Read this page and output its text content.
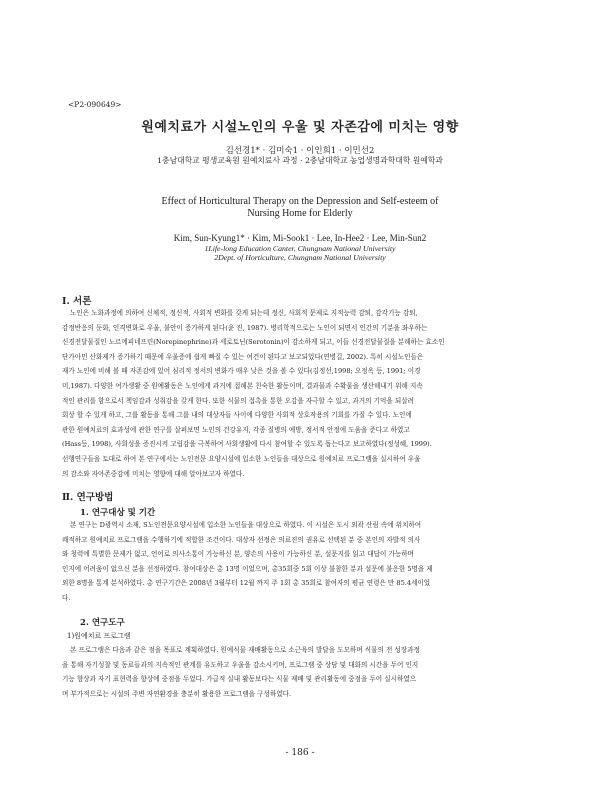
<P2-090649>
원예치료가 시설노인의 우울 및 자존감에 미치는 영향
김선경1* · 김미숙1 · 이인희1 · 이민선2
1충남대학교 평생교육원 원예치료사 과정 · 2충남대학교 농업생명과학대학 원예학과
Effect of Horticultural Therapy on the Depression and Self-esteem of
Nursing Home for Elderly
Kim, Sun-Kyung1* · Kim, Mi-Sook1 · Lee, In-Hee2 · Lee, Min-Sun2
1Life-long Education Canter, Chungnam National University
2Dept. of Horticulture, Chungnam National University
Ⅰ. 서론
노인은 노화과정에 의하여 신체적, 정신적, 사회적 변화를 갖게 되는데 정신, 사회적 문제로 지적능력 감퇴, 감각기능 감퇴,
감정반응의 둔화, 인격변화로 우울, 불안이 증가하게 된다(윤 진, 1987). 병리학적으로는 노인이 되면서 인간의 기분을 좌우하는
신경전달물질인 노르에피네프린(Norepinephrine)과 세로토닌(Serotonin)이 감소하게 되고, 이들 신경전달물질을 분해하는 효소인
단가아민 산화제가 증가하기 때문에 우울증에 쉽게 빠질 수 있는 여건이 된다고 보고되었다(연병길, 2002). 특히 시설노인들은
재가 노인에 비해 볼 때 자존감에 있어 심리적 정서의 변화가 매우 낮은 것을 볼 수 있다(김정선,1998; 오정옥 등, 1991; 이경
미,1987). 다양한 여가생활 중 원예활동은 노인에게 과거에 접해본 친숙한 활동이며, 결과물과 수확물을 생산해내기 위해 지속
적인 관리를 함으로서 책임감과 성취감을 갖게 한다. 또한 식물의 접촉을 통한 오감을 자극할 수 있고, 과거의 기억을 되살려
회상 할 수 있게 하고, 그룹 활동을 통해 그룹 내의 대상자들 사이에 다양한 사회적 상호작용의 기회를 가질 수 있다. 노인에
관한 원예치료의 효과성에 관한 연구를 살펴보면 노인의 건강유지, 각종 질병의 예방, 정서적 안정에 도움을 준다고 하였고
(Hass등, 1998), 사회성을 증진시켜 고립감을 극복하여 사회생활에 다시 참여할 수 있도록 돕는다고 보고하였다(정성혜, 1999).
선행연구들을 토대로 하여 본 연구에서는 노인전문 요양시설에 입소한 노인들을 대상으로 원예치료 프로그램을 실시하여 우울
의 감소와 자아존중감에 미치는 영향에 대해 알아보고자 하였다.
Ⅱ. 연구방법
1. 연구대상 및 기간
본 연구는 D광역시 소재, S노인전문요양시설에 입소한 노인들을 대상으로 하였다. 이 시설은 도시 외곽 산림 속에 위치하여
쾌적하고 원예치료 프로그램을 수행하기에 적합한 조건이다. 대상자 선정은 의료진의 권유로 선택된 분 중 본인의 자발적 의사
와 청력에 특별한 문제가 없고, 언어로 의사소통이 가능하신 분, 양손의 사용이 가능하신 분, 설문지를 읽고 대답이 가능하며
인지에 어려움이 없으신 분을 선정하였다. 참여대상은 총 13명 이었으며, 총35회중 5회 이상 불참한 분과 설문에 불응한 5명을 제
외한 8명을 통계 분석하였다. 총 연구기간은 2008년 3월부터 12월 까지 주 1회 총 35회로 참여자의 평균 연령은 만 85.4세이었
다.
2. 연구도구
1)원예치료 프로그램
본 프로그램은 다음과 같은 점을 목표로 계획하였다. 원예식물 재배활동으로 소근육의 발달을 도모하며 식물의 전 성장과정
을 통해 자기성찰 및 동료들과의 지속적인 관계를 유도하고 우울을 감소시키며, 프로그램 중 상담 및 대화의 시간을 두어 인지
기능 향상과 자기 표현력을 향상에 중점을 두었다. 가급적 실내 활동보다는 식물 재배 및 관리활동에 중점을 두어 실시하였으
며 부가적으로는 시설의 주변 자연환경을 충분히 활용한 프로그램을 구성하였다.
- 186 -
